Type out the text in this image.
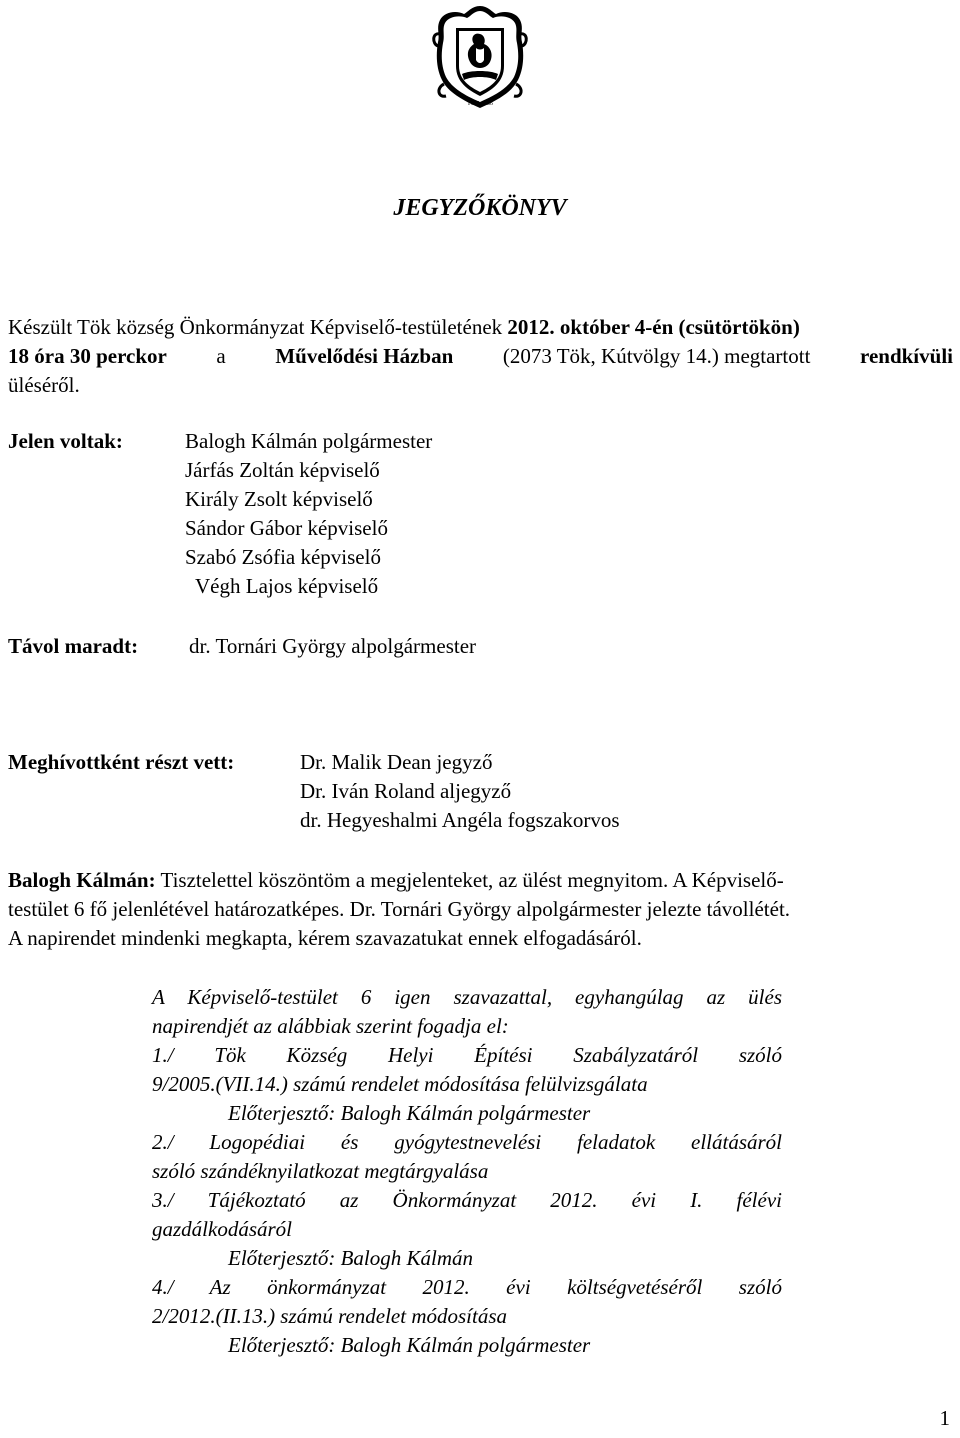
TÖK 1686
JEGYZŐKÖNYV
Készült Tök község Önkormányzat Képviselő-testületének 2012. október 4-én (csütörtökön)
18 óra 30 perckor a Művelődési Házban (2073 Tök, Kútvölgy 14.) megtartott rendkívüli
üléséről.
Jelen voltak:	Balogh Kálmán polgármester
Járfás Zoltán képviselő
Király Zsolt képviselő
Sándor Gábor képviselő
Szabó Zsófia képviselő
Végh Lajos képviselő
Távol maradt: dr. Tornári György alpolgármester
Meghívottként részt vett:	Dr. Malik Dean jegyző
Dr. Iván Roland aljegyző
dr. Hegyeshalmi Angéla fogszakorvos
Balogh Kálmán: Tisztelettel köszöntöm a megjelenteket, az ülést megnyitom. A Képviselő-
testület 6 fő jelenlétével határozatképes. Dr. Tornári György alpolgármester jelezte távollétét.
A napirendet mindenki megkapta, kérem szavazatukat ennek elfogadásáról.
A Képviselő-testület 6 igen szavazattal, egyhangúlag az ülés
napirendjét az alábbiak szerint fogadja el:
1./ Tök Község Helyi Építési Szabályzatáról szóló
9/2005.(VII.14.) számú rendelet módosítása felülvizsgálata
Előterjesztő: Balogh Kálmán polgármester
2./ Logopédiai és gyógytestnevelési feladatok ellátásáról
szóló szándéknyilatkozat megtárgyalása
3./ Tájékoztató az Önkormányzat 2012. évi I. félévi
gazdálkodásáról
Előterjesztő: Balogh Kálmán
4./ Az önkormányzat 2012. évi költségvetéséről szóló
2/2012.(II.13.) számú rendelet módosítása
Előterjesztő: Balogh Kálmán polgármester
1
